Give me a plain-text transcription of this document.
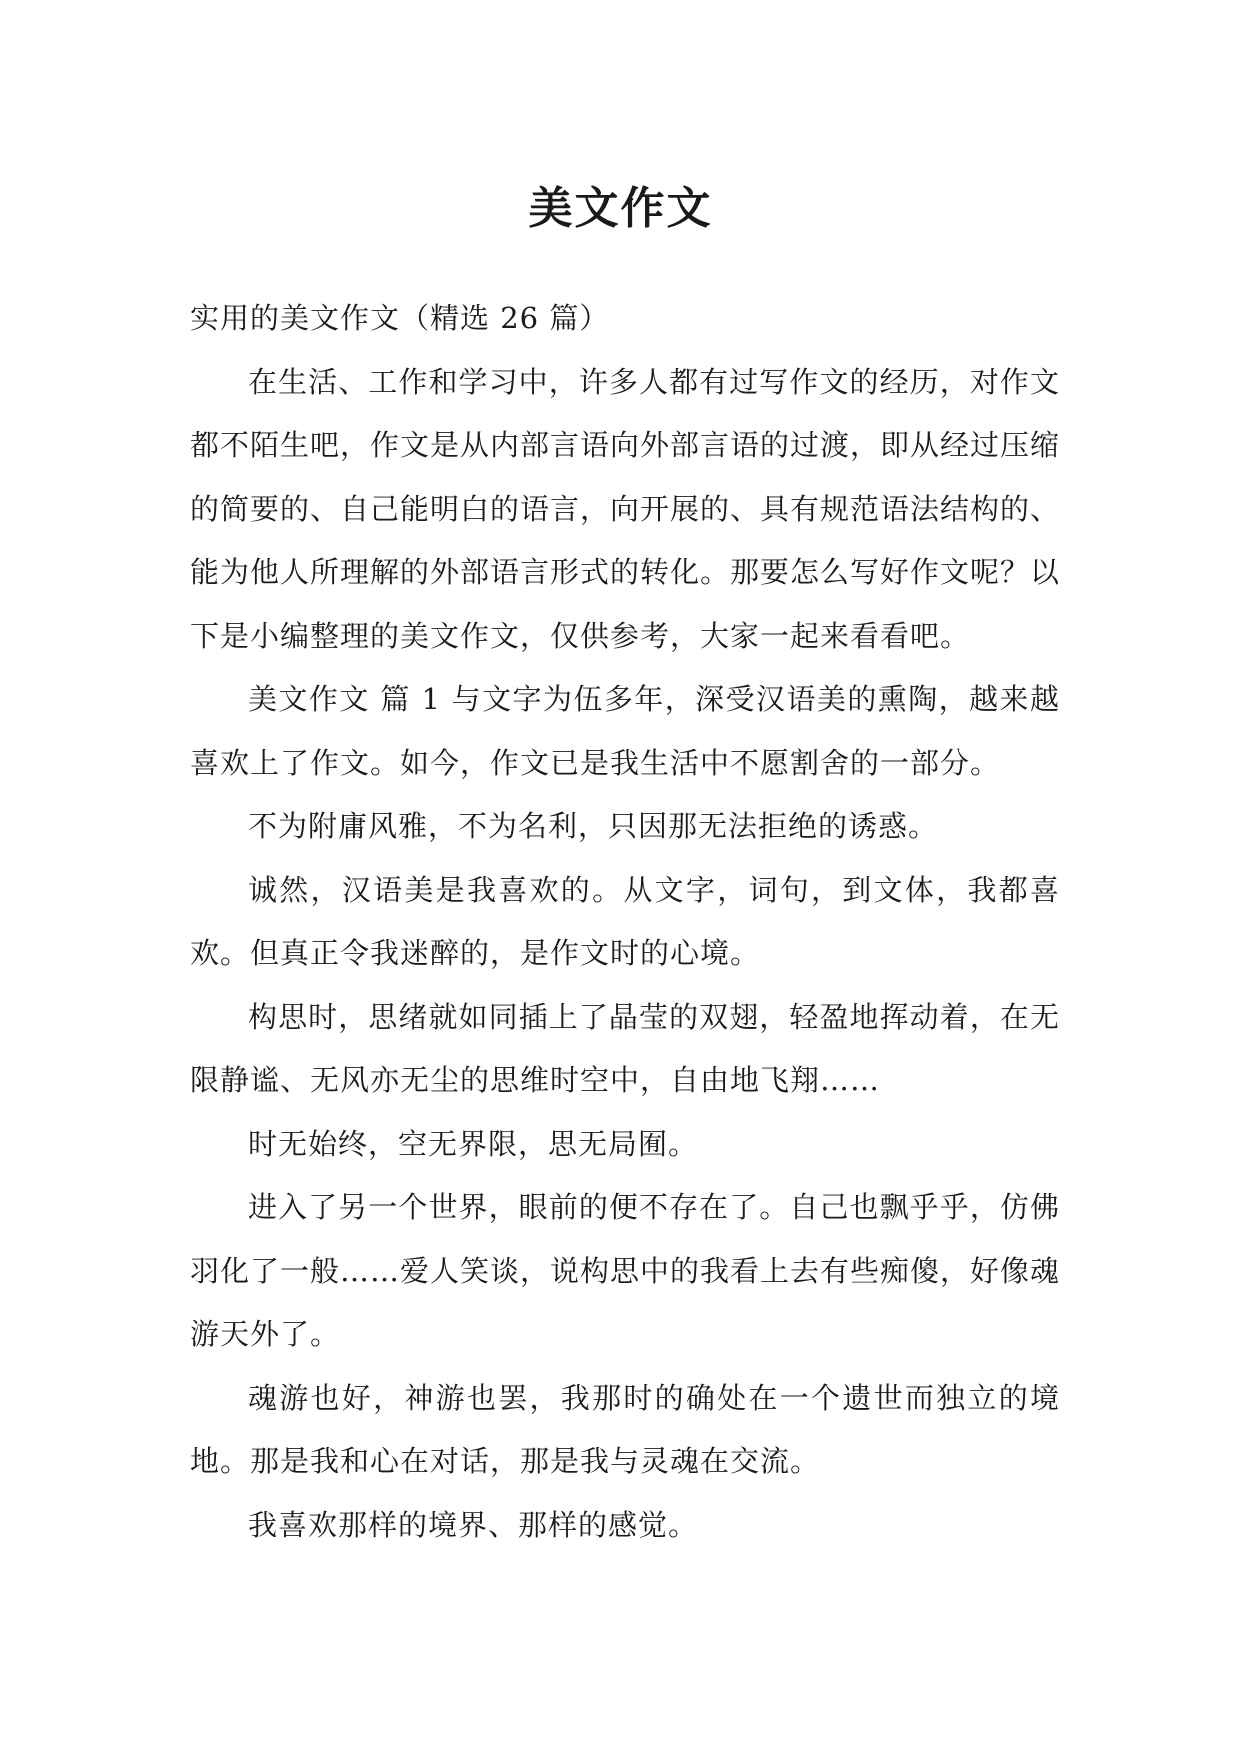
美文作文

实用的美文作文（精选 26 篇）

在生活、工作和学习中，许多人都有过写作文的经历，对作文都不陌生吧，作文是从内部言语向外部言语的过渡，即从经过压缩的简要的、自己能明白的语言，向开展的、具有规范语法结构的、能为他人所理解的外部语言形式的转化。那要怎么写好作文呢？以下是小编整理的美文作文，仅供参考，大家一起来看看吧。

美文作文 篇 1 与文字为伍多年，深受汉语美的熏陶，越来越喜欢上了作文。如今，作文已是我生活中不愿割舍的一部分。

不为附庸风雅，不为名利，只因那无法拒绝的诱惑。

诚然，汉语美是我喜欢的。从文字，词句，到文体，我都喜欢。但真正令我迷醉的，是作文时的心境。

构思时，思绪就如同插上了晶莹的双翅，轻盈地挥动着，在无限静谧、无风亦无尘的思维时空中，自由地飞翔……

时无始终，空无界限，思无局囿。

进入了另一个世界，眼前的便不存在了。自己也飘乎乎，仿佛羽化了一般……爱人笑谈，说构思中的我看上去有些痴傻，好像魂游天外了。

魂游也好，神游也罢，我那时的确处在一个遗世而独立的境地。那是我和心在对话，那是我与灵魂在交流。

我喜欢那样的境界、那样的感觉。
